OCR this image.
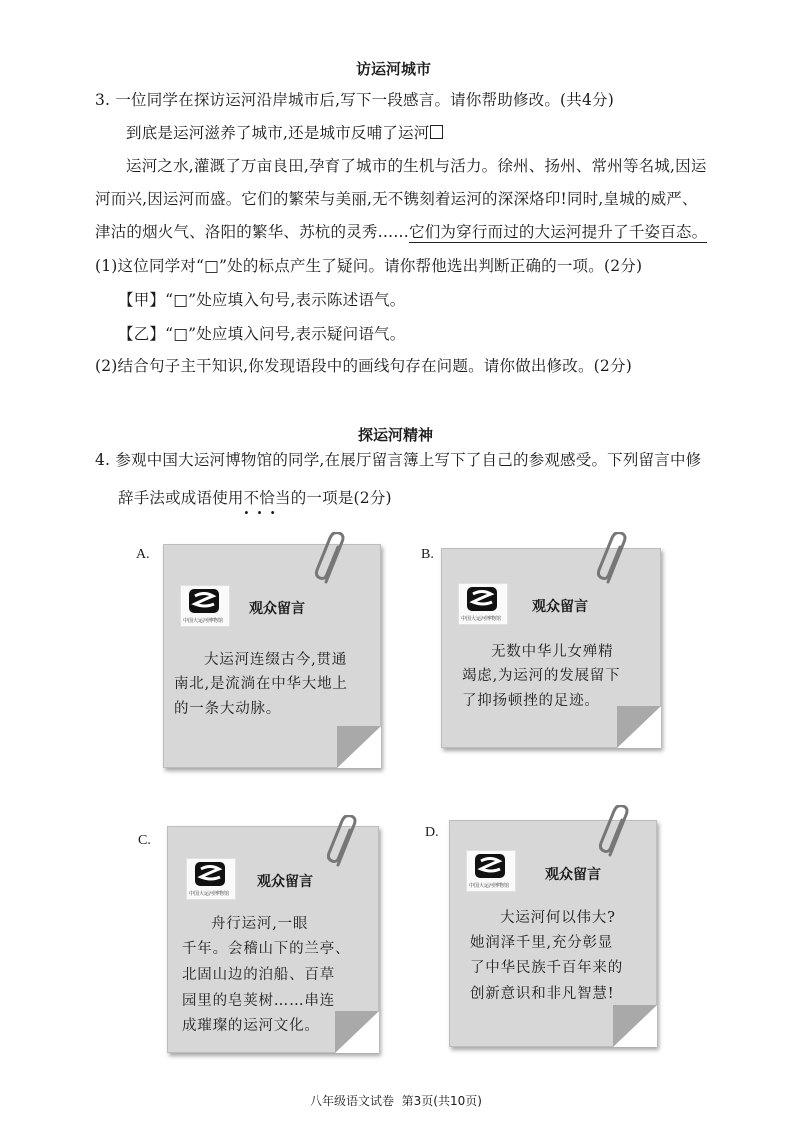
访运河城市
3. 一位同学在探访运河沿岸城市后,写下一段感言。请你帮助修改。(共4分)
到底是运河滋养了城市,还是城市反哺了运河
运河之水,灌溉了万亩良田,孕育了城市的生机与活力。徐州、扬州、常州等名城,因运
河而兴,因运河而盛。它们的繁荣与美丽,无不镌刻着运河的深深烙印!同时,皇城的威严、
津沽的烟火气、洛阳的繁华、苏杭的灵秀……它们为穿行而过的大运河提升了千姿百态。
(1)这位同学对“□”处的标点产生了疑问。请你帮他选出判断正确的一项。(2分)
【甲】“□”处应填入句号,表示陈述语气。
【乙】“□”处应填入问号,表示疑问语气。
(2)结合句子主干知识,你发现语段中的画线句存在问题。请你做出修改。(2分)
探运河精神
4. 参观中国大运河博物馆的同学,在展厅留言簿上写下了自己的参观感受。下列留言中修
辞手法或成语使用不恰当 · · ·的一项是(2分)
A.
中国大运河博物馆
观众留言
大运河连缀古今,贯通
南北,是流淌在中华大地上
的一条大动脉。
B.
中国大运河博物馆
观众留言
无数中华儿女殚精
竭虑,为运河的发展留下
了抑扬顿挫的足迹。
C.
中国大运河博物馆
观众留言
舟行运河,一眼
千年。会稽山下的兰亭、
北固山边的泊船、百草
园里的皂荚树……串连
成璀璨的运河文化。
D.
中国大运河博物馆
观众留言
大运河何以伟大?
她润泽千里,充分彰显
了中华民族千百年来的
创新意识和非凡智慧!
八年级语文试卷  第3页(共10页)
